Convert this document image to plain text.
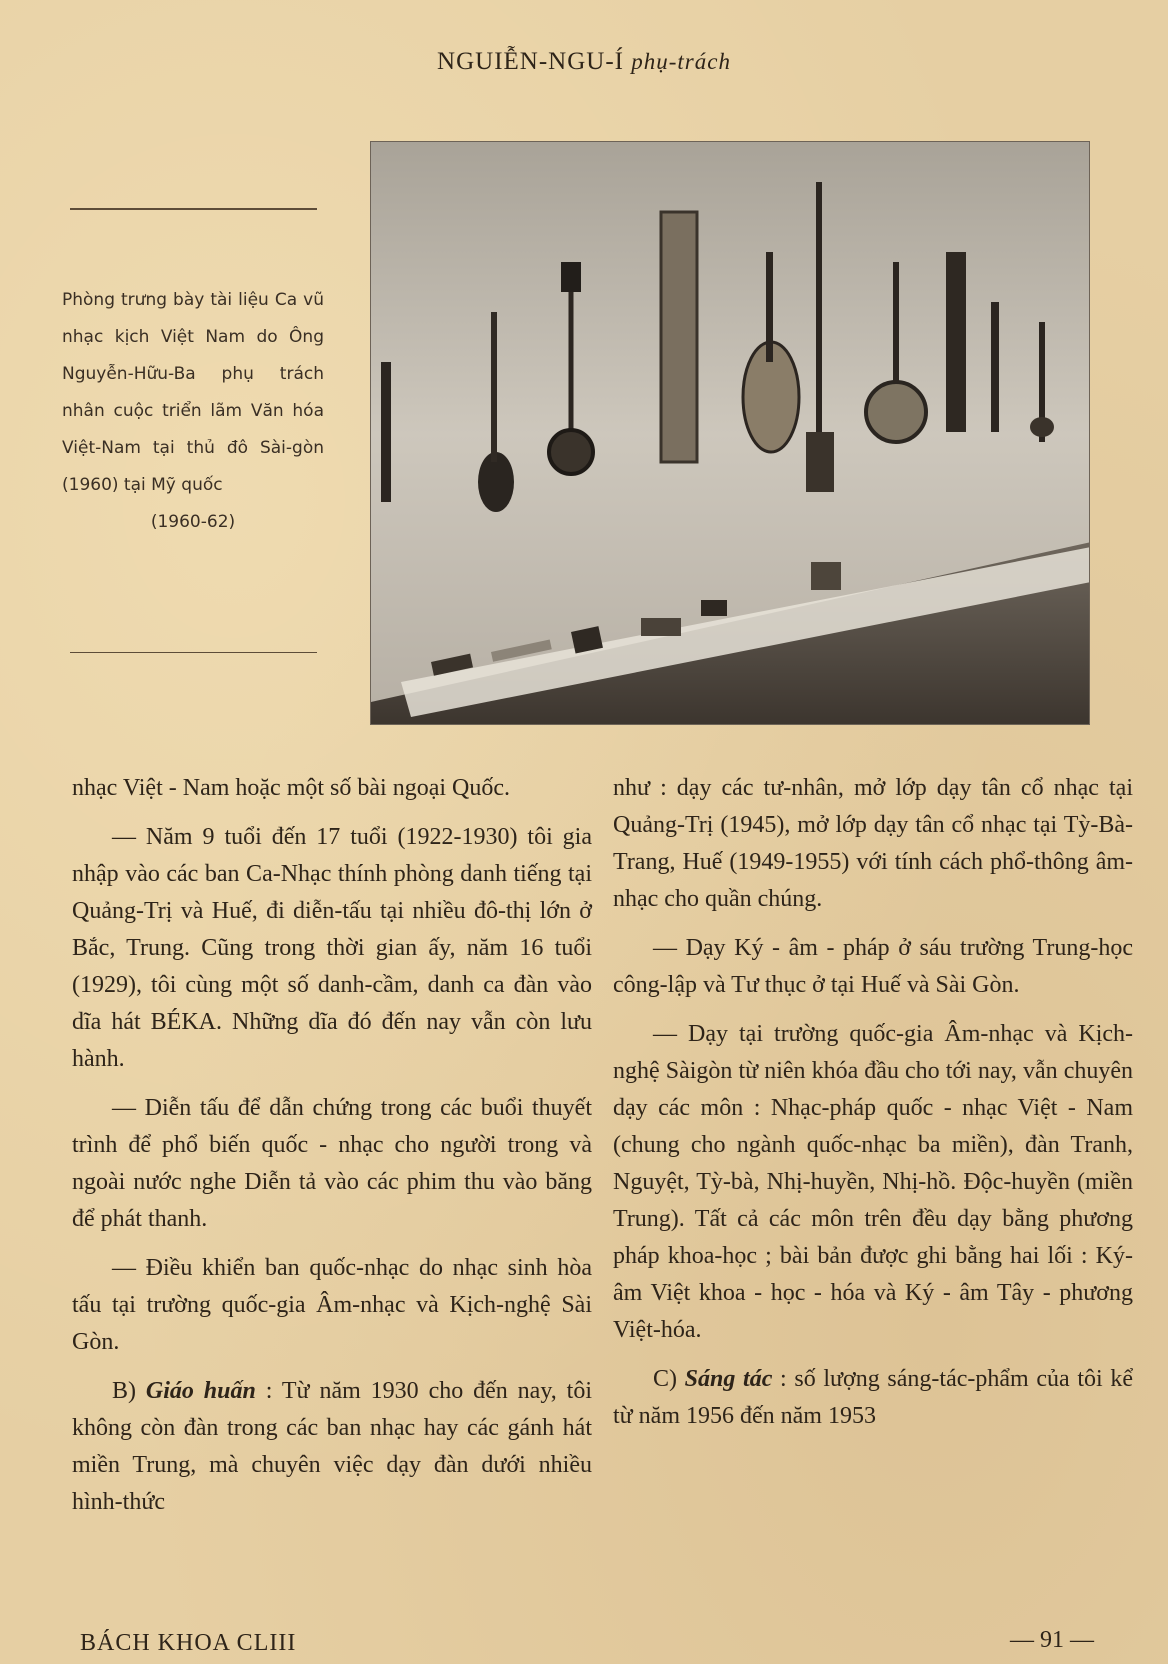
NGUIỄN-NGU-Í phụ-trách
Phòng trưng bày tài liệu Ca vũ nhạc kịch Việt Nam do Ông Nguyễn-Hữu-Ba phụ trách nhân cuộc triển lãm Văn hóa Việt-Nam tại thủ đô Sài-gòn (1960) tại Mỹ quốc
(1960-62)

nhạc Việt - Nam hoặc một số bài ngoại Quốc.

— Năm 9 tuổi đến 17 tuổi (1922-1930) tôi gia nhập vào các ban Ca-Nhạc thính phòng danh tiếng tại Quảng-Trị và Huế, đi diễn-tấu tại nhiều đô-thị lớn ở Bắc, Trung. Cũng trong thời gian ấy, năm 16 tuổi (1929), tôi cùng một số danh-cầm, danh ca đàn vào dĩa hát BÉKA. Những dĩa đó đến nay vẫn còn lưu hành.

— Diễn tấu để dẫn chứng trong các buổi thuyết trình để phổ biến quốc - nhạc cho người trong và ngoài nước nghe Diễn tả vào các phim thu vào băng để phát thanh.

— Điều khiển ban quốc-nhạc do nhạc sinh hòa tấu tại trường quốc-gia Âm-nhạc và Kịch-nghệ Sài Gòn.

B) Giáo huấn : Từ năm 1930 cho đến nay, tôi không còn đàn trong các ban nhạc hay các gánh hát miền Trung, mà chuyên việc dạy đàn dưới nhiều hình-thức

như : dạy các tư-nhân, mở lớp dạy tân cổ nhạc tại Quảng-Trị (1945), mở lớp dạy tân cổ nhạc tại Tỳ-Bà-Trang, Huế (1949-1955) với tính cách phổ-thông âm-nhạc cho quần chúng.

— Dạy Ký - âm - pháp ở sáu trường Trung-học công-lập và Tư thục ở tại Huế và Sài Gòn.

— Dạy tại trường quốc-gia Âm-nhạc và Kịch-nghệ Sàigòn từ niên khóa đầu cho tới nay, vẫn chuyên dạy các môn : Nhạc-pháp quốc - nhạc Việt - Nam (chung cho ngành quốc-nhạc ba miền), đàn Tranh, Nguyệt, Tỳ-bà, Nhị-huyền, Nhị-hồ. Độc-huyền (miền Trung). Tất cả các môn trên đều dạy bằng phương pháp khoa-học ; bài bản được ghi bằng hai lối : Ký-âm Việt khoa - học - hóa và Ký - âm Tây - phương Việt-hóa.

C) Sáng tác : số lượng sáng-tác-phẩm của tôi kể từ năm 1956 đến năm 1953

BÁCH KHOA CLIII	— 91 —
